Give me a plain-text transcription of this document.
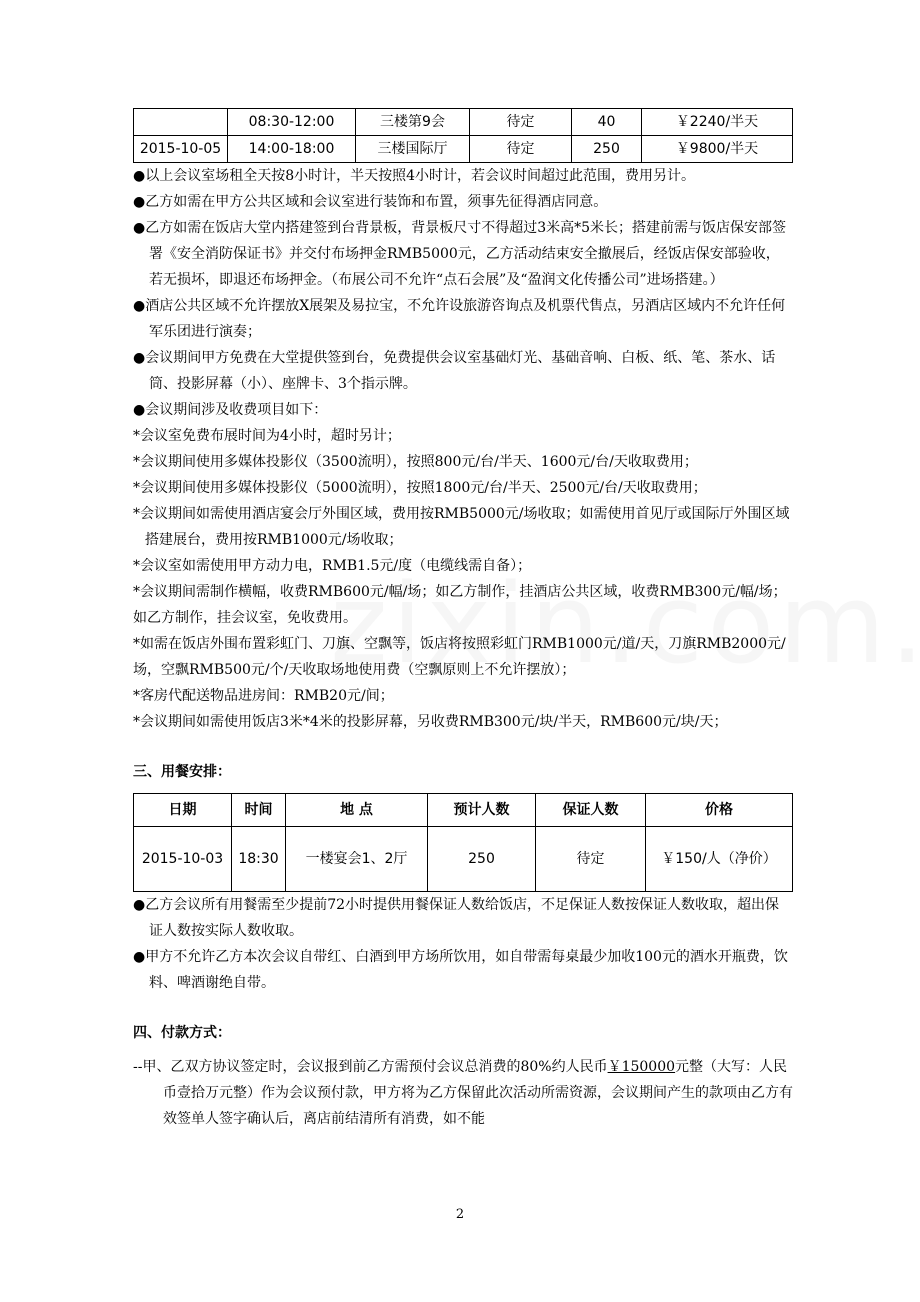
	08:30-12:00	三楼第9会	待定	40	￥2240/半天
2015-10-05	14:00-18:00	三楼国际厅	待定	250	￥9800/半天

●以上会议室场租全天按8小时计，半天按照4小时计，若会议时间超过此范围，费用另计。

●乙方如需在甲方公共区域和会议室进行装饰和布置，须事先征得酒店同意。

●乙方如需在饭店大堂内搭建签到台背景板，背景板尺寸不得超过3米高*5米长；搭建前需与饭店保安部签署《安全消防保证书》并交付布场押金RMB5000元，乙方活动结束安全撤展后，经饭店保安部验收，若无损坏，即退还布场押金。（布展公司不允许“点石会展”及“盈润文化传播公司”进场搭建。）

●酒店公共区域不允许摆放X展架及易拉宝，不允许设旅游咨询点及机票代售点，另酒店区域内不允许任何军乐团进行演奏；

●会议期间甲方免费在大堂提供签到台，免费提供会议室基础灯光、基础音响、白板、纸、笔、茶水、话筒、投影屏幕（小）、座牌卡、3个指示牌。

●会议期间涉及收费项目如下：

*会议室免费布展时间为4小时，超时另计；

*会议期间使用多媒体投影仪（3500流明），按照800元/台/半天、1600元/台/天收取费用；

*会议期间使用多媒体投影仪（5000流明），按照1800元/台/半天、2500元/台/天收取费用；

*会议期间如需使用酒店宴会厅外围区域，费用按RMB5000元/场收取；如需使用首见厅或国际厅外围区域搭建展台，费用按RMB1000元/场收取；

*会议室如需使用甲方动力电，RMB1.5元/度（电缆线需自备）；

*会议期间需制作横幅，收费RMB600元/幅/场；如乙方制作，挂酒店公共区域，收费RMB300元/幅/场；如乙方制作，挂会议室，免收费用。

*如需在饭店外围布置彩虹门、刀旗、空飘等，饭店将按照彩虹门RMB1000元/道/天，刀旗RMB2000元/场，空飘RMB500元/个/天收取场地使用费（空飘原则上不允许摆放）；

*客房代配送物品进房间：RMB20元/间；

*会议期间如需使用饭店3米*4米的投影屏幕，另收费RMB300元/块/半天，RMB600元/块/天；

三、用餐安排：

日期	时间	地 点	预计人数	保证人数	价格
2015-10-03	18:30	一楼宴会1、2厅	250	待定	￥150/人（净价）

●乙方会议所有用餐需至少提前72小时提供用餐保证人数给饭店，不足保证人数按保证人数收取，超出保证人数按实际人数收取。

●甲方不允许乙方本次会议自带红、白酒到甲方场所饮用，如自带需每桌最少加收100元的酒水开瓶费，饮料、啤酒谢绝自带。

四、付款方式：

--甲、乙双方协议签定时，会议报到前乙方需预付会议总消费的80%约人民币￥150000元整（大写：人民币壹拾万元整）作为会议预付款，甲方将为乙方保留此次活动所需资源，会议期间产生的款项由乙方有效签单人签字确认后，离店前结清所有消费，如不能

2
